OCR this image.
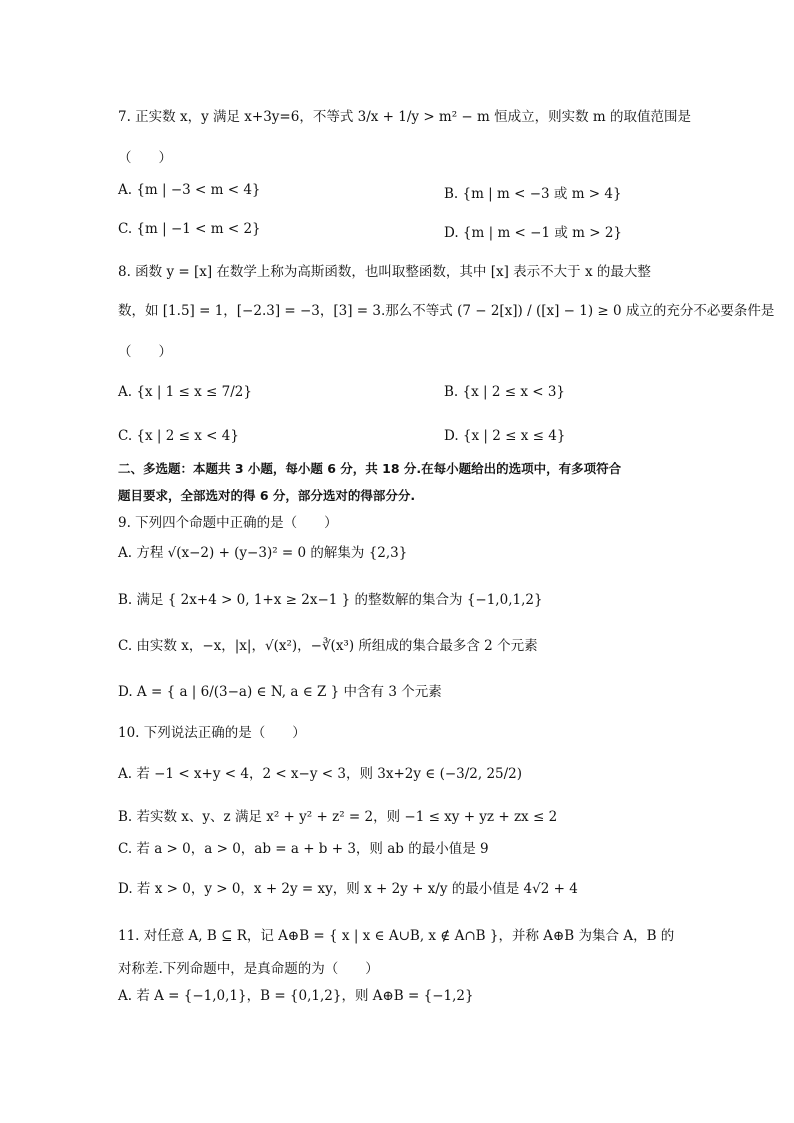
7. 正实数 x，y 满足 x+3y=6，不等式 3/x + 1/y > m² − m 恒成立，则实数 m 的取值范围是
（　　）
A. {m | −3 < m < 4}	B. {m | m < −3 或 m > 4}
C. {m | −1 < m < 2}	D. {m | m < −1 或 m > 2}
8. 函数 y = [x] 在数学上称为高斯函数，也叫取整函数，其中 [x] 表示不大于 x 的最大整
数，如 [1.5] = 1，[−2.3] = −3，[3] = 3.那么不等式 (7 − 2[x]) / ([x] − 1) ≥ 0 成立的充分不必要条件是
（　　）
A. {x | 1 ≤ x ≤ 7/2}	B. {x | 2 ≤ x < 3}
C. {x | 2 ≤ x < 4}	D. {x | 2 ≤ x ≤ 4}
二、多选题：本题共 3 小题，每小题 6 分，共 18 分.在每小题给出的选项中，有多项符合
题目要求，全部选对的得 6 分，部分选对的得部分分.
9. 下列四个命题中正确的是（　　）
A. 方程 √(x−2) + (y−3)² = 0 的解集为 {2,3}
B. 满足 { 2x+4 > 0, 1+x ≥ 2x−1 } 的整数解的集合为 {−1,0,1,2}
C. 由实数 x，−x，|x|，√(x²)，−∛(x³) 所组成的集合最多含 2 个元素
D. A = { a | 6/(3−a) ∈ N, a ∈ Z } 中含有 3 个元素
10. 下列说法正确的是（　　）
A. 若 −1 < x+y < 4，2 < x−y < 3，则 3x+2y ∈ (−3/2, 25/2)
B. 若实数 x、y、z 满足 x² + y² + z² = 2，则 −1 ≤ xy + yz + zx ≤ 2
C. 若 a > 0，a > 0，ab = a + b + 3，则 ab 的最小值是 9
D. 若 x > 0，y > 0，x + 2y = xy，则 x + 2y + x/y 的最小值是 4√2 + 4
11. 对任意 A, B ⊆ R，记 A⊕B = { x | x ∈ A∪B, x ∉ A∩B }，并称 A⊕B 为集合 A，B 的
对称差.下列命题中，是真命题的为（　　）
A. 若 A = {−1,0,1}，B = {0,1,2}，则 A⊕B = {−1,2}
